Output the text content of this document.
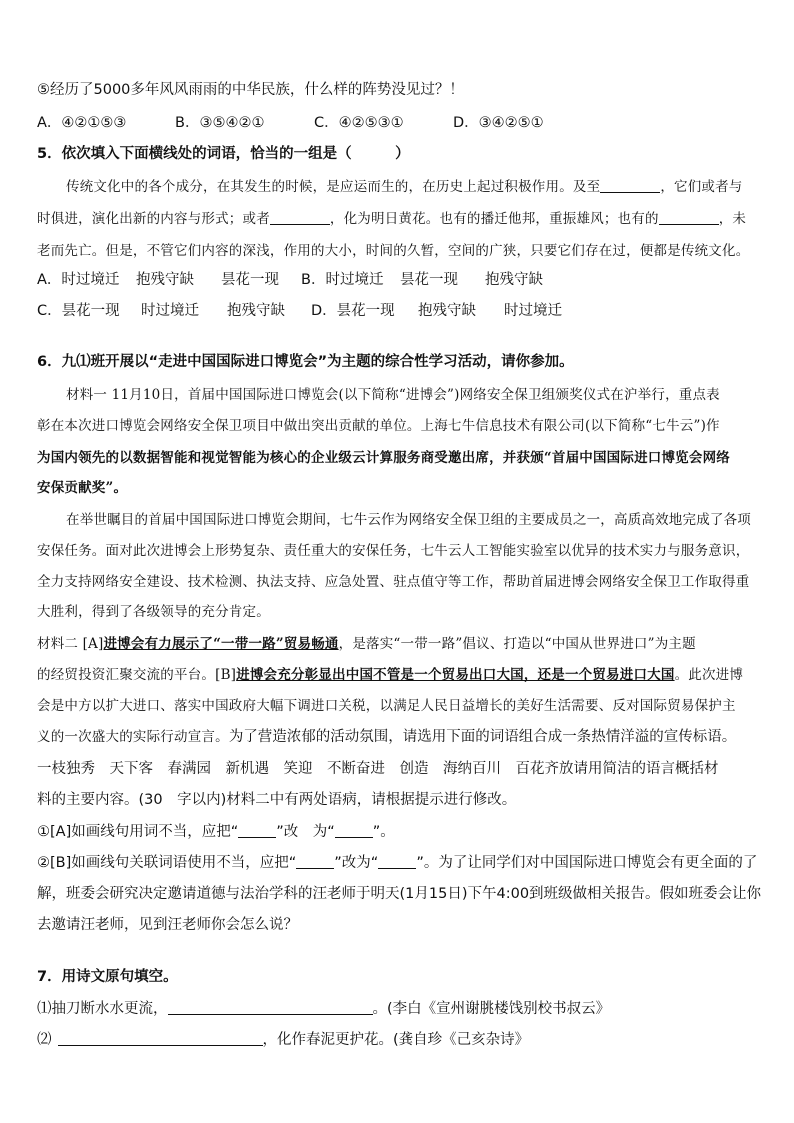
⑤经历了5000多年风风雨雨的中华民族，什么样的阵势没见过？！
A．④②①⑤③	B．③⑤④②①	C．④②⑤③①	D．③④②⑤①
5．依次填入下面横线处的词语，恰当的一组是（　　　）
传统文化中的各个成分，在其发生的时候，是应运而生的，在历史上起过积极作用。及至	，它们或者与
时俱进，演化出新的内容与形式；或者	，化为明日黄花。也有的播迁他邦，重振雄风；也有的	，未
老而先亡。但是，不管它们内容的深浅，作用的大小，时间的久暂，空间的广狭，只要它们存在过，便都是传统文化。
A．时过境迁 抱残守缺 昙花一现 B．时过境迁 昙花一现 抱残守缺
C．昙花一现 时过境迁 抱残守缺 D．昙花一现 抱残守缺 时过境迁
6．九⑴班开展以“走进中国国际进口博览会”为主题的综合性学习活动，请你参加。
材料一 11月10日，首届中国国际进口博览会(以下简称“进博会”)网络安全保卫组颁奖仪式在沪举行，重点表
彰在本次进口博览会网络安全保卫项目中做出突出贡献的单位。上海七牛信息技术有限公司(以下简称“七牛云”)作
为国内领先的以数据智能和视觉智能为核心的企业级云计算服务商受邀出席，并获颁“首届中国国际进口博览会网络
安保贡献奖”。
在举世瞩目的首届中国国际进口博览会期间，七牛云作为网络安全保卫组的主要成员之一，高质高效地完成了各项
安保任务。面对此次进博会上形势复杂、责任重大的安保任务，七牛云人工智能实验室以优异的技术实力与服务意识，
全力支持网络安全建设、技术检测、执法支持、应急处置、驻点值守等工作，帮助首届进博会网络安全保卫工作取得重
大胜利，得到了各级领导的充分肯定。
材料二 [A]进博会有力展示了“一带一路”贸易畅通，是落实“一带一路”倡议、打造以“中国从世界进口”为主题
的经贸投资汇聚交流的平台。[B]进博会充分彰显出中国不管是一个贸易出口大国，还是一个贸易进口大国。此次进博
会是中方以扩大进口、落实中国政府大幅下调进口关税，以满足人民日益增长的美好生活需要、反对国际贸易保护主
义的一次盛大的实际行动宣言。为了营造浓郁的活动氛围，请选用下面的词语组合成一条热情洋溢的宣传标语。
一枝独秀　天下客　春满园　新机遇　笑迎　不断奋进　创造　海纳百川　百花齐放请用简洁的语言概括材
料的主要内容。(30　字以内)材料二中有两处语病，请根据提示进行修改。
①[A]如画线句用词不当，应把“	”改　为“	”。
②[B]如画线句关联词语使用不当，应把“	”改为“	”。为了让同学们对中国国际进口博览会有更全面的了
解，班委会研究决定邀请道德与法治学科的汪老师于明天(1月15日)下午4:00到班级做相关报告。假如班委会让你
去邀请汪老师，见到汪老师你会怎么说？
7．用诗文原句填空。
⑴抽刀断水水更流，	。(李白《宣州谢朓楼饯别校书叔云》
⑵	，化作春泥更护花。(龚自珍《己亥杂诗》
